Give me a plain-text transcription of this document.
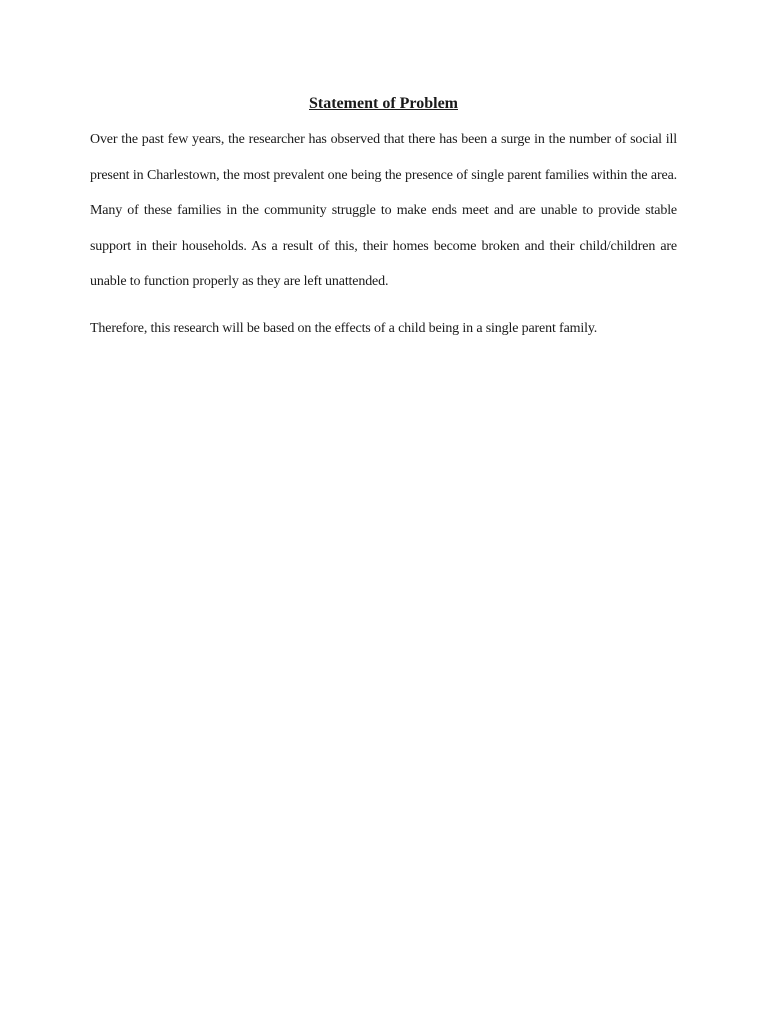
Statement of Problem

Over the past few years, the researcher has observed that there has been a surge in the number of social ill present in Charlestown, the most prevalent one being the presence of single parent families within the area. Many of these families in the community struggle to make ends meet and are unable to provide stable support in their households. As a result of this, their homes become broken and their child/children are unable to function properly as they are left unattended.

Therefore, this research will be based on the effects of a child being in a single parent family.
